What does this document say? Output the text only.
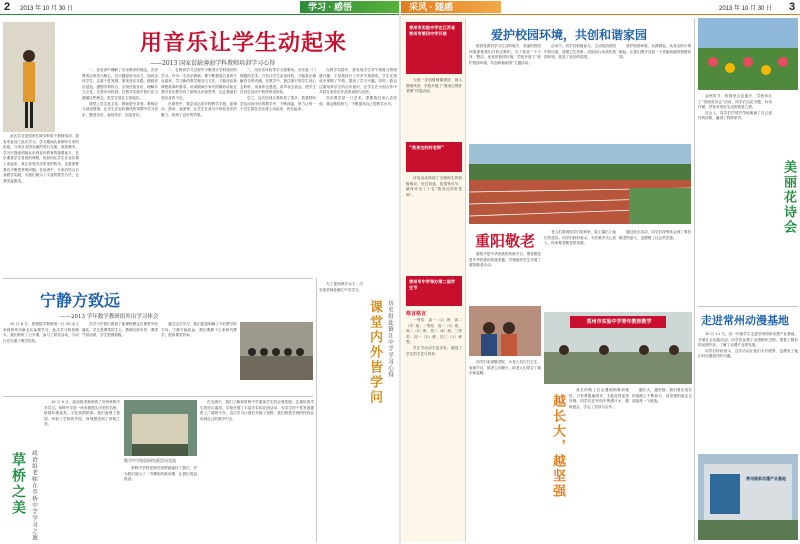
2 2013 年 10 月 30 日	学习 · 感悟
用音乐让学生动起来
——2013 国家贫缺薄弱学科教师培训学习心得

此次学习是国家贫缺学科骨干教师培训，我有幸参加了此次学习。学习期间认真聆听专家的讲座，与来自全国各地的同行交流，收获颇多。学习中我深刻地认识到音乐教育的重要意义，音乐课是学生喜爱的课程，但如何让学生在音乐课上动起来，真正体验音乐带来的快乐，这是需要我们不断思考的问题。在培训中，专家们结合自身教学实践，为我们展示了丰富的教学方法，让我受益匪浅。

一、在培训中理解了音乐教育的理念。音乐教育以审美为核心，以兴趣爱好为动力，面向全体学生，注重个性发展，重视音乐实践，鼓励音乐创造，提倡学科综合，弘扬民族音乐，理解多元文化，完善评价机制。在教学实践中我们应当遵循这些理念，把学生放在主体地位。

课堂上学生是主体，教师是引导者。教师应当创设情境，让学生在轻松愉快的氛围中学习音乐，感受音乐，表现音乐，创造音乐。

二、在教育学习过程中不断进行学科知识的学习。作为一名音乐教师，要不断提高自身的专业素养，学习新的教学理念与方法，才能适应新课程改革的要求。培训期间专家们的精彩讲座让我对音乐教学有了新的认识和思考，也让我意识到自身的不足。

在课堂中，我尝试运用多种教学手段，如律动、游戏、表演等，让学生在参与中体验音乐的魅力，收到了良好的效果。

三、用音乐体验带学习需要用。音乐是一门情感的艺术，只有让学生亲身体验，才能真正理解音乐的内涵。在教学中，我注重引导学生用心去聆听，用身体去感受，用声音去表达，使学生在音乐活动中获得审美体验。

总之，这次培训让我收获了很多，我将把所学运用到今后的教学中，不断探索，努力让每一个学生都在音乐课上动起来，快乐起来。

在教学实践中，我发现学生对节奏练习特别感兴趣，于是我设计了许多节奏游戏，学生在游戏中掌握了节奏，提高了学习兴趣。同时，我也注重培养学生的合作意识，让学生在小组合作中共同完成音乐作品的表现与创作。

音乐教学是一门艺术，需要我们用心去经营。我会继续努力，不断提高自己的教学水平。

宁静方致远
——2013 学年数学教研组外出学习体会

10 月 8 日，我校数学教研组一行 20 余人来到常州市新北区参观学习，此次学习收获颇丰。我们聆听了公开课，参与了研讨活动，与同行们交流了教学经验。

在学习中我们看到了新课程理念在课堂中的落实，学生是课堂的主人，教师巧妙引导，课堂气氛活跃，学生思维积极。

通过这次学习，我们更加明确了今后教学的方向。宁静方能致远，我们要静下心来研究教学，提高课堂效率。

草桥之美 政治组老师在草桥中学学习之旅

10 月 9 日，政治组老师来到了苏州草桥中学学习。草桥中学是一所有着悠久历史的名校，校园环境优美，文化氛围浓厚。我们参观了校园，听取了学校的介绍，深刻感受到了草桥之美。

数学中学阶段研究班活动交流

草桥中学的老师们热情地接待了我们，并为我们展示了一节精彩的政治课，让我们受益匪浅。

在交流中，我们了解到草桥中学重视学生的全面发展，注重培养学生的综合素质。学校开展了丰富多彩的社团活动，为学生的个性发展提供了广阔的平台。这次学习让我们开阔了视野，我们将把学到的经验运用到自己的教学中去。

为了提高教学水平，历史组老师赴镇江中学学习。

课堂内外皆学问 历史组赴镇江中学学习心得
采风 · 随感	2013 年 10 月 30 日 3
常州市实验中学在江苏省常州市第四中学开展

为进一步加强师德建设，展示教师风采，学校开展了“我身边的好老师”评选活动。

“我身边的好老师”

评选活动得到了全校师生的积极响应，经过初选、复选等环节，最终评出了十名“我身边的好老师”。

常州市中学举办第二届学生节
格言格言

一等奖：高一（1）班、高二（3）班；二等奖：高一（5）班、高二（2）班、初二（4）班；三等奖：初一（2）班、初三（1）班等。

学生节活动丰富多彩，展现了学生的才艺与风采。

爱护校园环境，共创和谐家园

校园是我们学习生活的地方，美丽的校园环境需要我们共同去维护。为了营造一个干净、整洁、优美的校园环境，学校开展了“爱护校园环境，共创和谐家园”主题活动。

活动中，同学们积极参与，主动捡拾校园中的垃圾，清理卫生死角，用实际行动美化校园环境，营造了良好的氛围。

爱护校园环境，从我做起，从身边的小事做起。让我们携手共创一个美丽和谐的校园家园。

重阳敬老

重阳节是中华民族的传统节日，尊老敬老是中华民族的传统美德。学校组织学生开展了重阳敬老活动。

同学们来到敬老院，为老人们打扫卫生，表演节目，陪老人们聊天，给老人们带去了欢乐和温暖。

老人们看到同学们的到来，脸上露出了灿烂的笑容。同学们纷纷表示，今后要多关心老人，传承尊老敬老的美德。

通过此次活动，同学们深刻体会到了尊老敬老的意义，也增强了社会责任感。

常州市实验中学青年教师教学
越长大，越坚强

成长的路上总会遇到困难和挫折，只有勇敢地面对，才能变得更加坚强。同学们在军训中挥洒汗水，磨炼意志，学会了坚持与合作。

越长大，越坚强。我们要在成长的道路上不断前行，用坚强的意志去迎接每一个挑战。

金秋时节，校园里百花盛开，学校举办了“美丽花诗会”活动，同学们以花为题，吟诗作赋，抒发对美好生活的热爱之情。

诗会上，同学们声情并茂地朗诵了自己创作的诗歌，赢得了阵阵掌声。

美丽花诗会
走进常州动漫基地

10 月 11 日，初一年级学生走进常州国家动漫产业基地，开展社会实践活动。同学们参观了动漫制作过程，观看了精彩的动漫作品，了解了动漫产业的发展。

同学们纷纷表示，这次活动让他们大开眼界，也激发了他们对动漫创作的兴趣。

常州国家动漫产业基地
